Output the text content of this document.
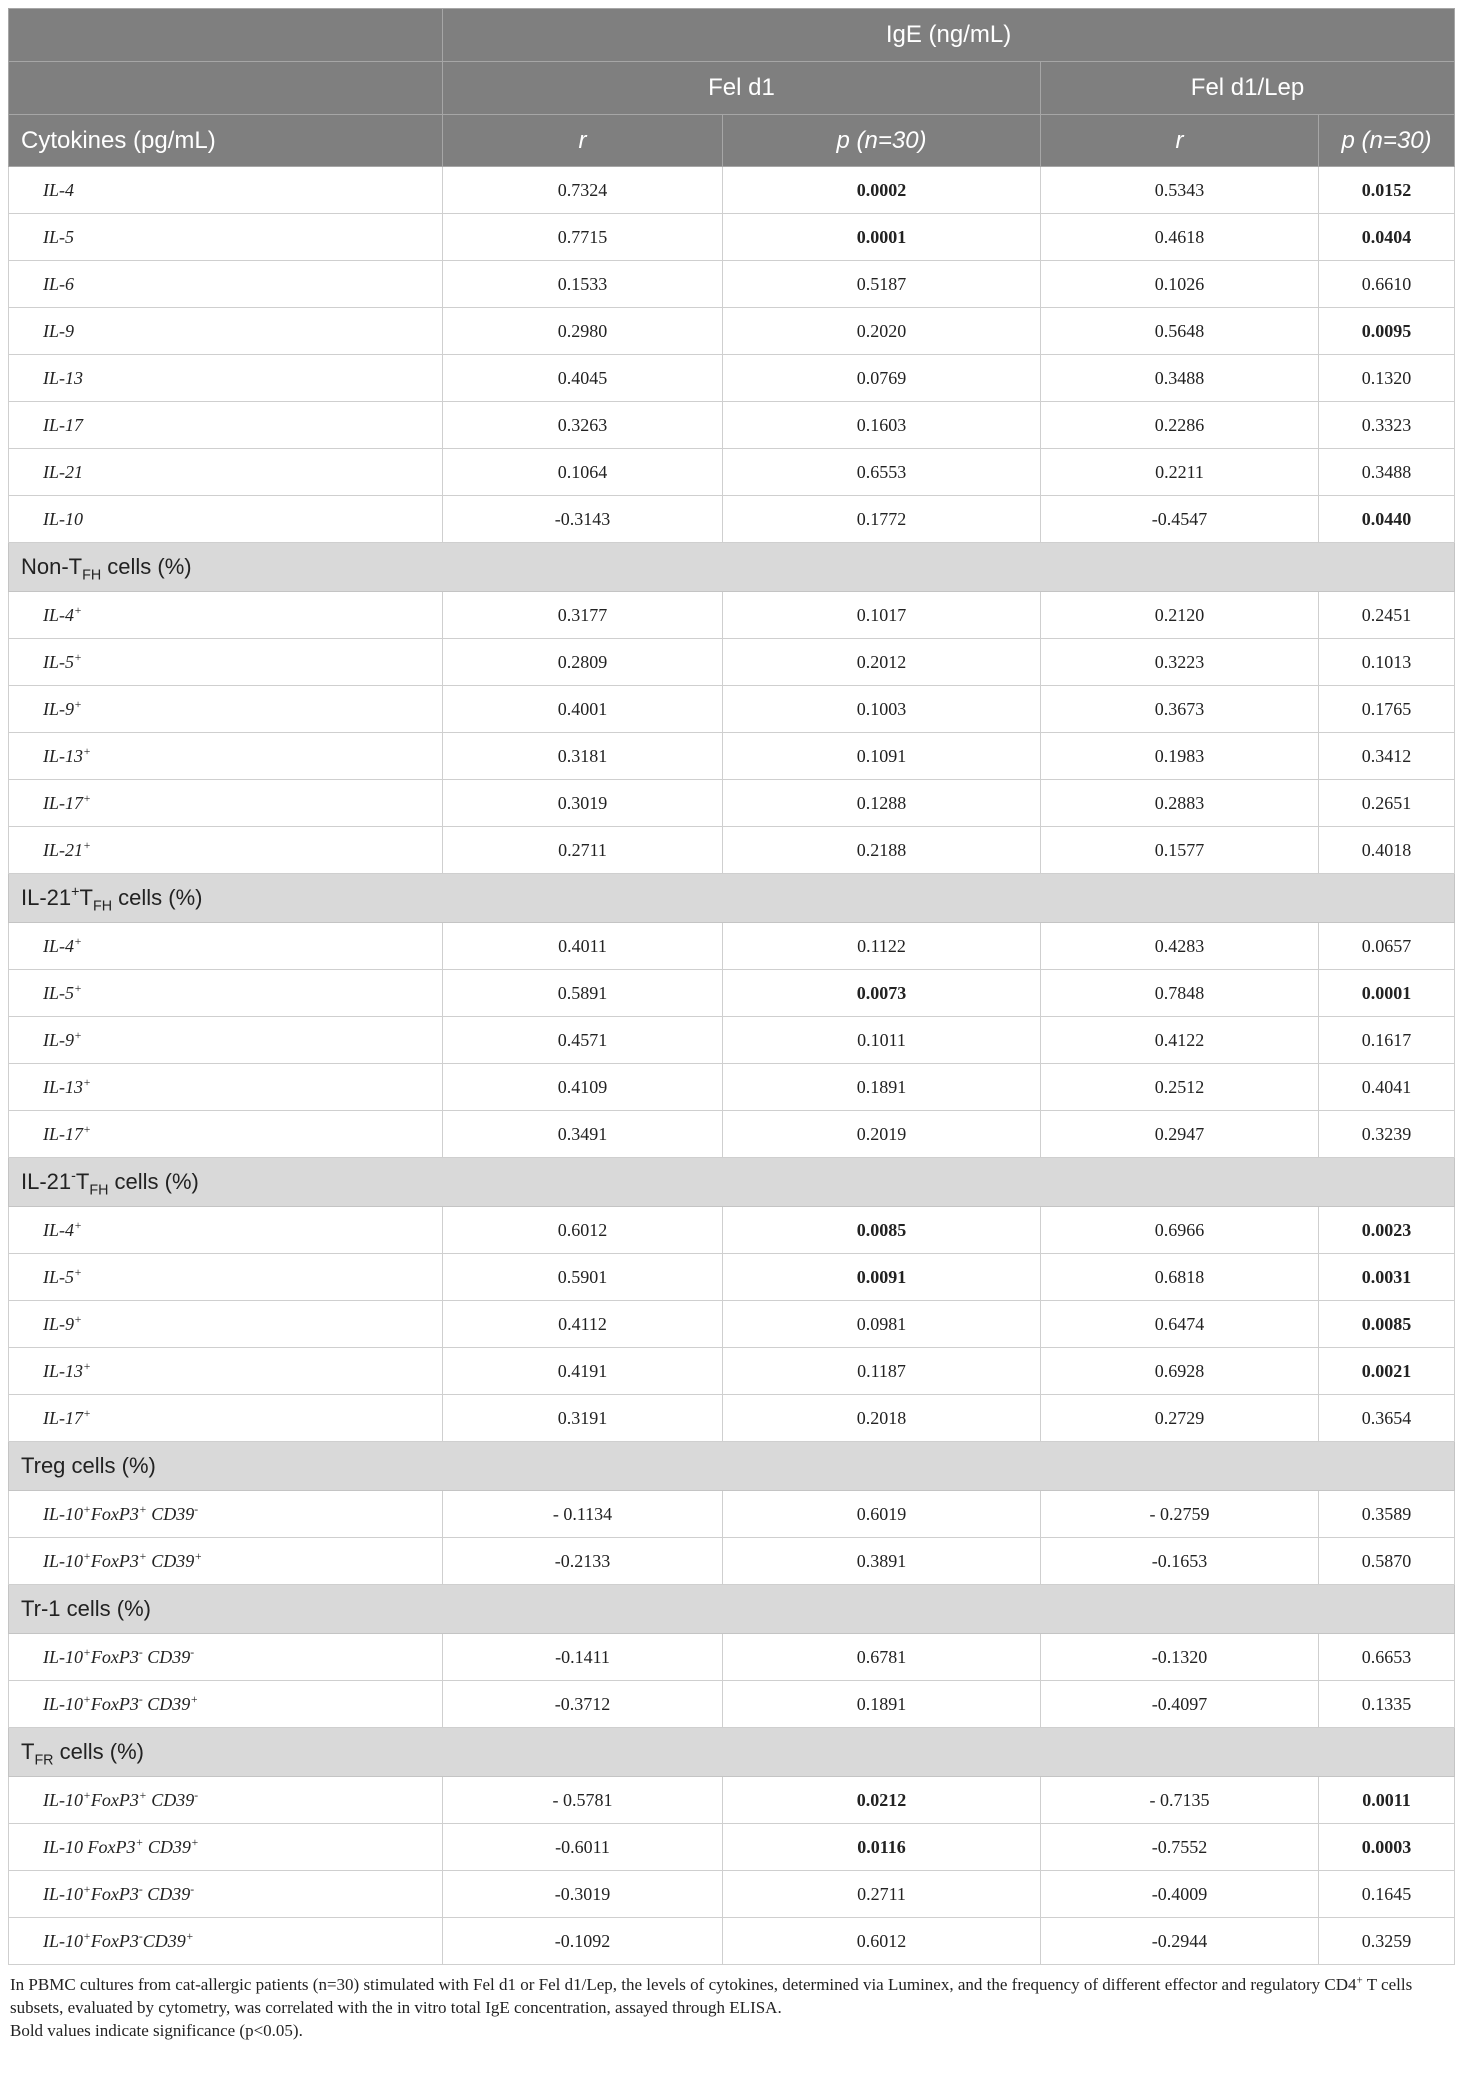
	IgE (ng/mL)			
	Fel d1		Fel d1/Lep	
Cytokines (pg/mL)	r	p (n=30)	r	p (n=30)
IL-4	0.7324	0.0002	0.5343	0.0152
IL-5	0.7715	0.0001	0.4618	0.0404
IL-6	0.1533	0.5187	0.1026	0.6610
IL-9	0.2980	0.2020	0.5648	0.0095
IL-13	0.4045	0.0769	0.3488	0.1320
IL-17	0.3263	0.1603	0.2286	0.3323
IL-21	0.1064	0.6553	0.2211	0.3488
IL-10	-0.3143	0.1772	-0.4547	0.0440
Non-$T_{FH}$ cells (%)				
IL-4+	0.3177	0.1017	0.2120	0.2451
IL-5+	0.2809	0.2012	0.3223	0.1013
IL-9+	0.4001	0.1003	0.3673	0.1765
IL-13+	0.3181	0.1091	0.1983	0.3412
IL-17+	0.3019	0.1288	0.2883	0.2651
IL-21+	0.2711	0.2188	0.1577	0.4018
$IL-21^+T_{FH}$ cells (%)				
IL-4+	0.4011	0.1122	0.4283	0.0657
IL-5+	0.5891	0.0073	0.7848	0.0001
IL-9+	0.4571	0.1011	0.4122	0.1617
IL-13+	0.4109	0.1891	0.2512	0.4041
IL-17+	0.3491	0.2019	0.2947	0.3239
$IL-21^-T_{FH}$ cells (%)				
IL-4+	0.6012	0.0085	0.6966	0.0023
IL-5+	0.5901	0.0091	0.6818	0.0031
IL-9+	0.4112	0.0981	0.6474	0.0085
IL-13+	0.4191	0.1187	0.6928	0.0021
IL-17+	0.3191	0.2018	0.2729	0.3654
Treg cells (%)				
IL-10+FoxP3+ CD39-	- 0.1134	0.6019	- 0.2759	0.3589
IL-10+FoxP3+ CD39+	-0.2133	0.3891	-0.1653	0.5870
Tr-1 cells (%)				
IL-10+FoxP3- CD39-	-0.1411	0.6781	-0.1320	0.6653
IL-10+FoxP3- CD39+	-0.3712	0.1891	-0.4097	0.1335
$T_{FR}$ cells (%)				
IL-10+FoxP3+ CD39-	- 0.5781	0.0212	- 0.7135	0.0011
IL-10 FoxP3+ CD39+	-0.6011	0.0116	-0.7552	0.0003
IL-10+FoxP3- CD39-	-0.3019	0.2711	-0.4009	0.1645
IL-10+FoxP3-CD39+	-0.1092	0.6012	-0.2944	0.3259

In PBMC cultures from cat-allergic patients (n=30) stimulated with Fel d1 or Fel d1/Lep, the levels of cytokines, determined via Luminex, and the frequency of different effector and regulatory CD4+ T cells subsets, evaluated by cytometry, was correlated with the in vitro total IgE concentration, assayed through ELISA.

Bold values indicate significance (p<0.05).
